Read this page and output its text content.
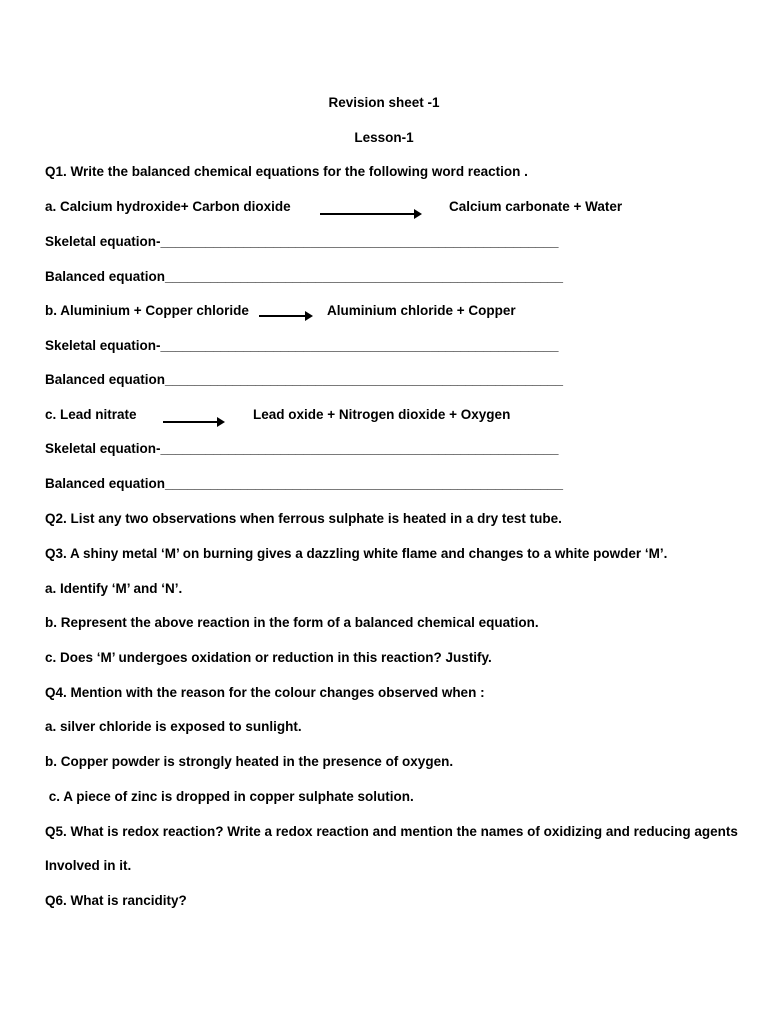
Revision sheet -1
Lesson-1
Q1. Write the balanced chemical equations for the following word reaction .
a. Calcium hydroxide+ Carbon dioxide	Calcium carbonate + Water
Skeletal equation-_____________________________________________________
Balanced equation_____________________________________________________
b. Aluminium + Copper chloride	Aluminium chloride + Copper
Skeletal equation-_____________________________________________________
Balanced equation_____________________________________________________
c. Lead nitrate	Lead oxide + Nitrogen dioxide + Oxygen
Skeletal equation-_____________________________________________________
Balanced equation_____________________________________________________
Q2. List any two observations when ferrous sulphate is heated in a dry test tube.
Q3. A shiny metal ‘M’ on burning gives a dazzling white flame and changes to a white powder ‘M’.
a. Identify ‘M’ and ‘N’.
b. Represent the above reaction in the form of a balanced chemical equation.
c. Does ‘M’ undergoes oxidation or reduction in this reaction? Justify.
Q4. Mention with the reason for the colour changes observed when :
a. silver chloride is exposed to sunlight.
b. Copper powder is strongly heated in the presence of oxygen.
c. A piece of zinc is dropped in copper sulphate solution.
Q5. What is redox reaction? Write a redox reaction and mention the names of oxidizing and reducing agents
Involved in it.
Q6. What is rancidity?
